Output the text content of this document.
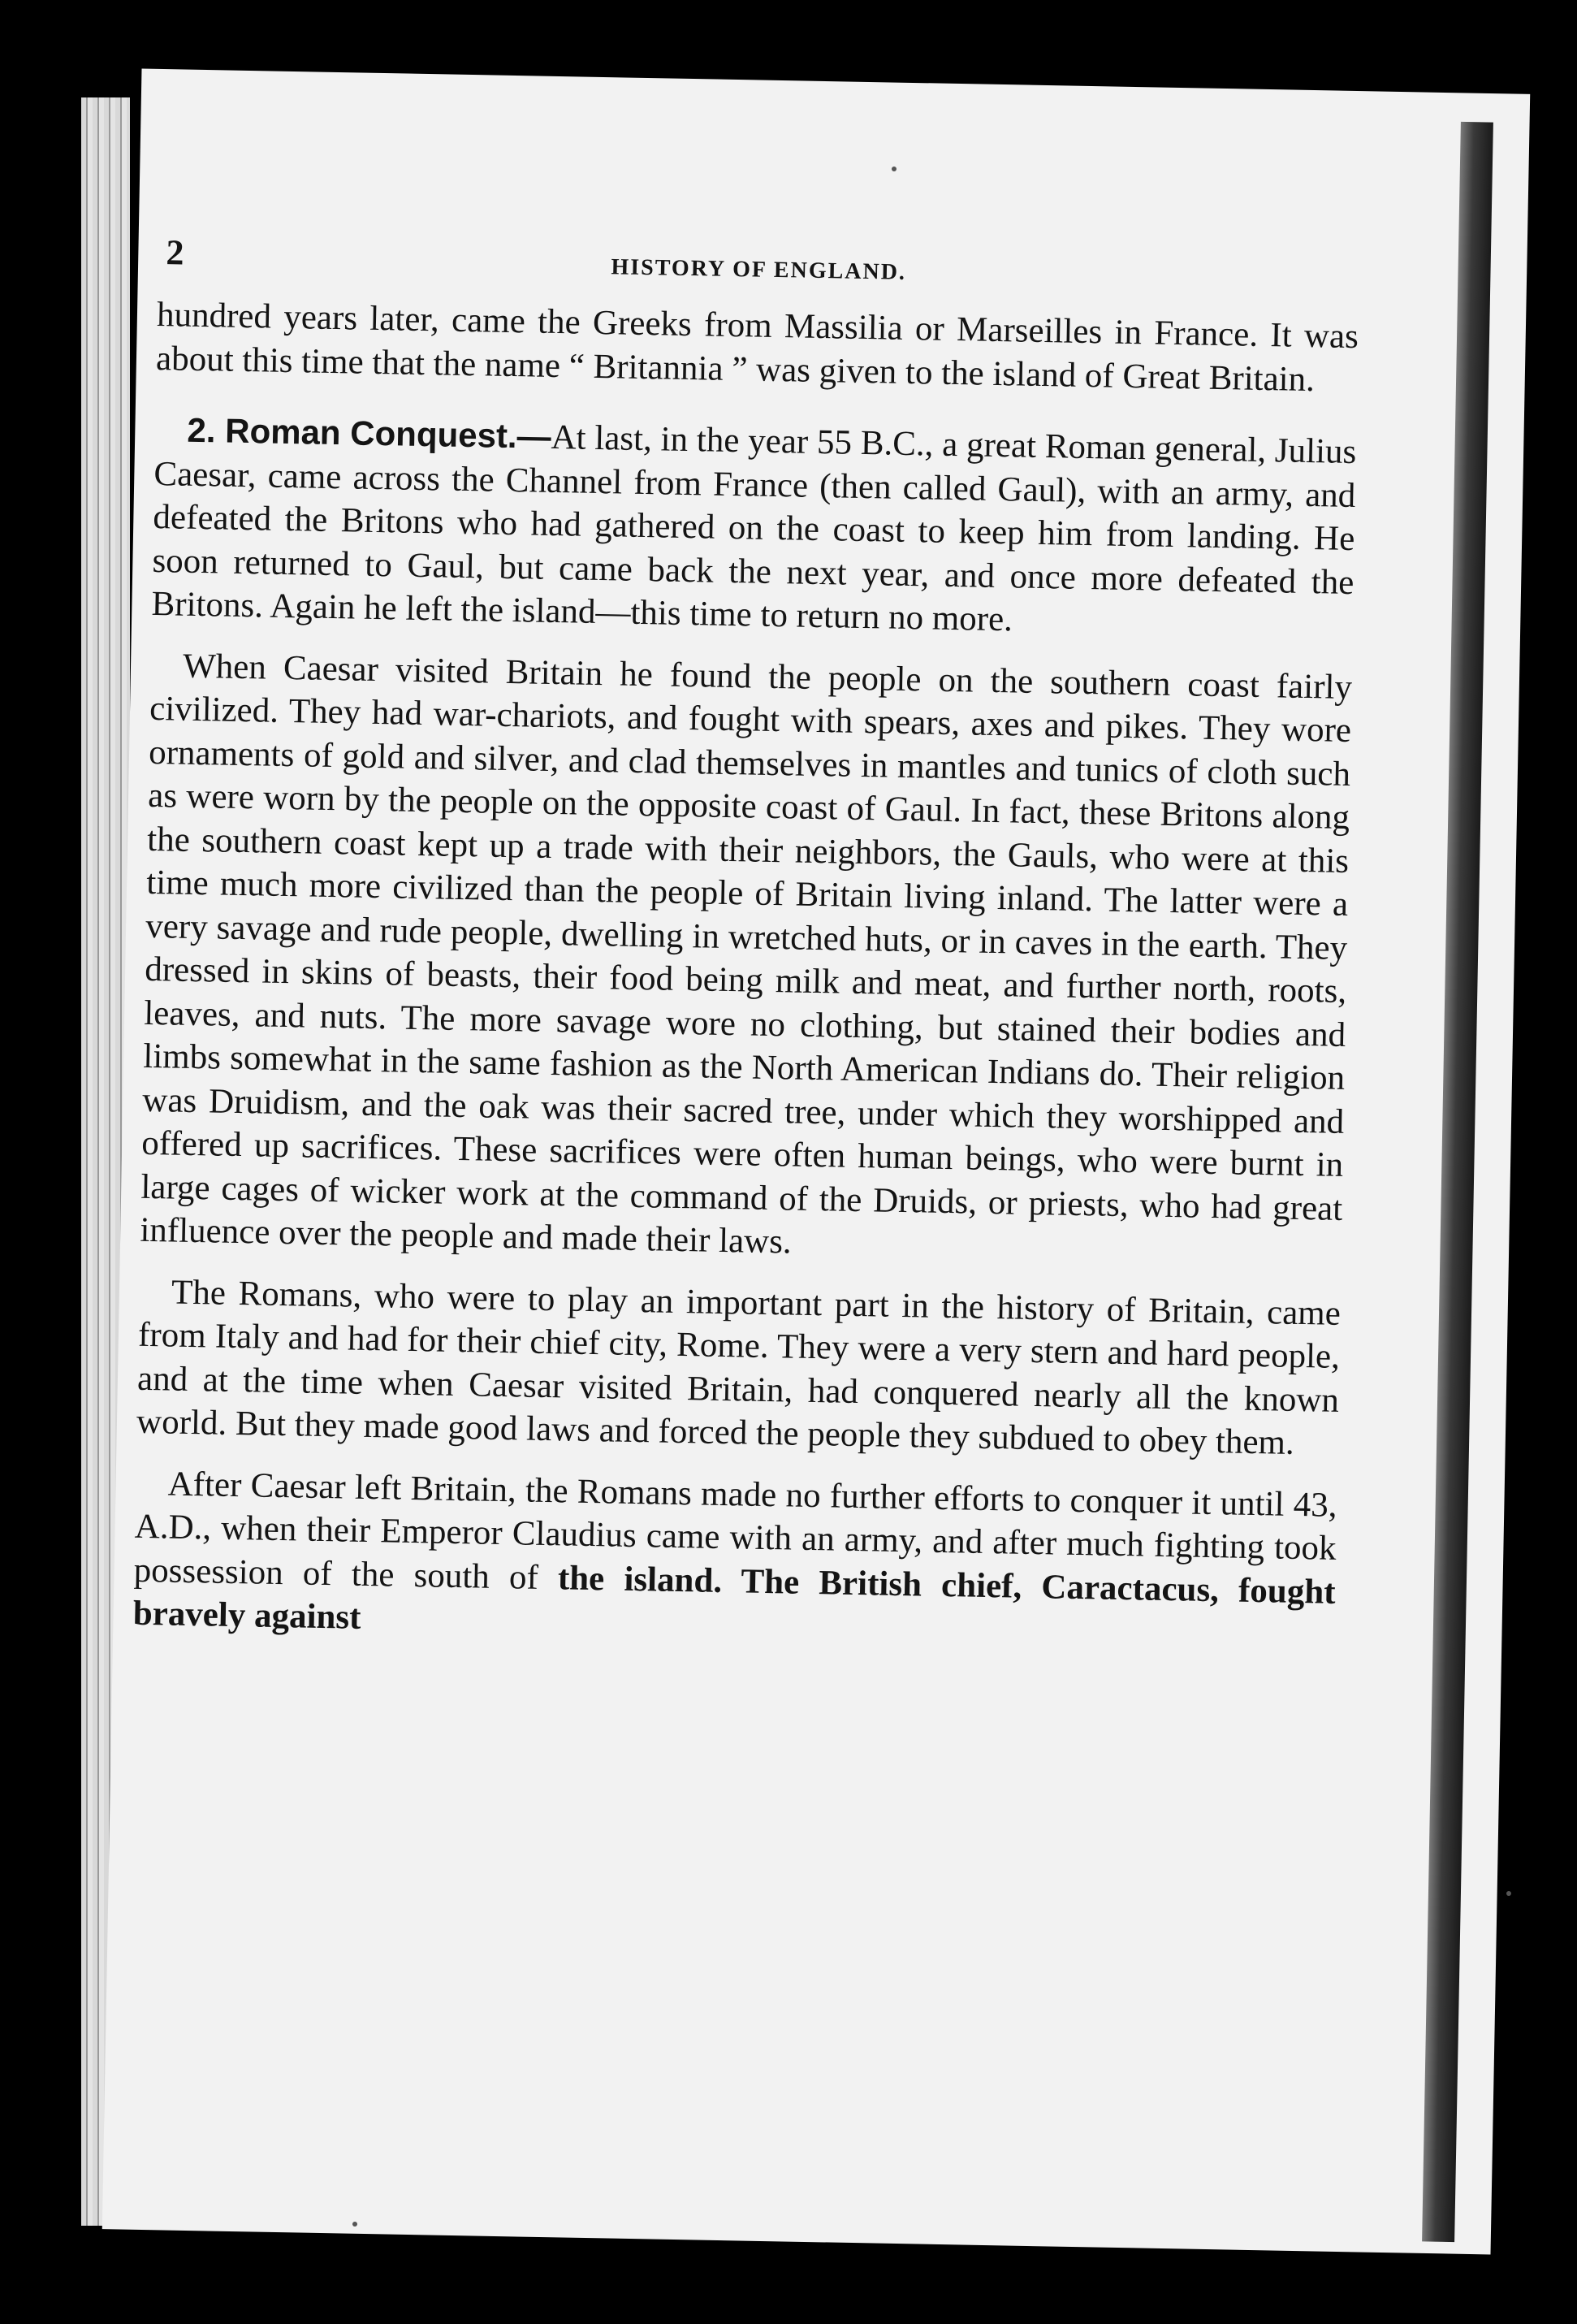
2	HISTORY OF ENGLAND.

hundred years later, came the Greeks from Massilia or Marseilles in France. It was about this time that the name “ Britannia ” was given to the island of Great Britain.

2. Roman Conquest.—At last, in the year 55 B.C., a great Roman general, Julius Caesar, came across the Channel from France (then called Gaul), with an army, and defeated the Britons who had gathered on the coast to keep him from landing. He soon returned to Gaul, but came back the next year, and once more defeated the Britons. Again he left the island—this time to return no more.

When Caesar visited Britain he found the people on the southern coast fairly civilized. They had war-chariots, and fought with spears, axes and pikes. They wore ornaments of gold and silver, and clad themselves in mantles and tunics of cloth such as were worn by the people on the opposite coast of Gaul. In fact, these Britons along the southern coast kept up a trade with their neighbors, the Gauls, who were at this time much more civilized than the people of Britain living inland. The latter were a very savage and rude people, dwelling in wretched huts, or in caves in the earth. They dressed in skins of beasts, their food being milk and meat, and further north, roots, leaves, and nuts. The more savage wore no clothing, but stained their bodies and limbs somewhat in the same fashion as the North American Indians do. Their religion was Druidism, and the oak was their sacred tree, under which they worshipped and offered up sacrifices. These sacrifices were often human beings, who were burnt in large cages of wicker work at the command of the Druids, or priests, who had great influence over the people and made their laws.

The Romans, who were to play an important part in the history of Britain, came from Italy and had for their chief city, Rome. They were a very stern and hard people, and at the time when Caesar visited Britain, had conquered nearly all the known world. But they made good laws and forced the people they subdued to obey them.

After Caesar left Britain, the Romans made no further efforts to conquer it until 43, A.D., when their Emperor Claudius came with an army, and after much fighting took possession of the south of the island. The British chief, Caractacus, fought bravely against
